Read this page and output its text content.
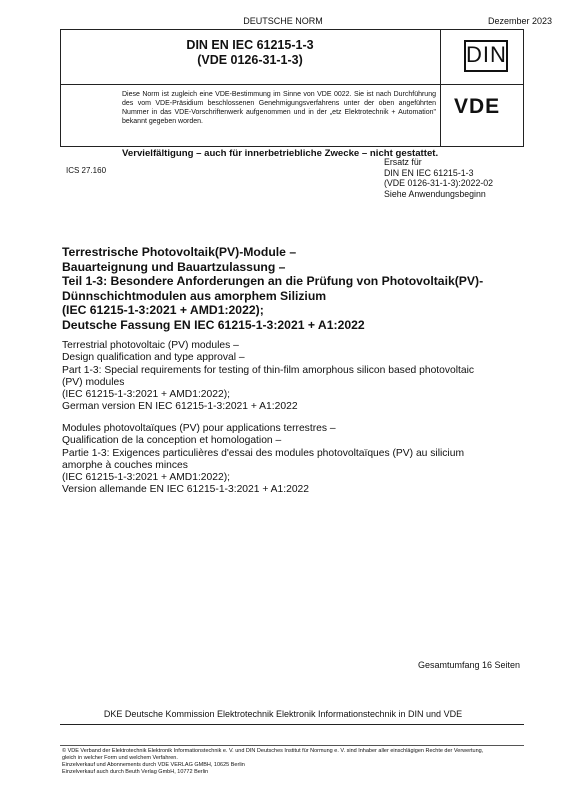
DEUTSCHE NORM	Dezember 2023
DIN EN IEC 61215-1-3
(VDE 0126-31-1-3)	DIN
Diese Norm ist zugleich eine VDE-Bestimmung im Sinne von VDE 0022. Sie ist nach Durchführung des vom VDE-Präsidium beschlossenen Genehmigungsverfahrens unter der oben angeführten Nummer in das VDE-Vorschriftenwerk aufgenommen und in der „etz Elektrotechnik + Automation" bekannt gegeben worden.
VDE
Vervielfältigung – auch für innerbetriebliche Zwecke – nicht gestattet.
ICS 27.160
Ersatz für
DIN EN IEC 61215-1-3
(VDE 0126-31-1-3):2022-02
Siehe Anwendungsbeginn
Terrestrische Photovoltaik(PV)-Module –
Bauarteignung und Bauartzulassung –
Teil 1-3: Besondere Anforderungen an die Prüfung von Photovoltaik(PV)-
Dünnschichtmodulen aus amorphem Silizium
(IEC 61215-1-3:2021 + AMD1:2022);
Deutsche Fassung EN IEC 61215-1-3:2021 + A1:2022
Terrestrial photovoltaic (PV) modules –
Design qualification and type approval –
Part 1-3: Special requirements for testing of thin-film amorphous silicon based photovoltaic
(PV) modules
(IEC 61215-1-3:2021 + AMD1:2022);
German version EN IEC 61215-1-3:2021 + A1:2022
Modules photovoltaïques (PV) pour applications terrestres –
Qualification de la conception et homologation –
Partie 1-3: Exigences particulières d'essai des modules photovoltaïques (PV) au silicium
amorphe à couches minces
(IEC 61215-1-3:2021 + AMD1:2022);
Version allemande EN IEC 61215-1-3:2021 + A1:2022
Gesamtumfang 16 Seiten
DKE Deutsche Kommission Elektrotechnik Elektronik Informationstechnik in DIN und VDE
© VDE Verband der Elektrotechnik Elektronik Informationstechnik e. V. und DIN Deutsches Institut für Normung e. V. sind Inhaber aller einschlägigen Rechte der Verwertung,
gleich in welcher Form und welchem Verfahren.
Einzelverkauf und Abonnements durch VDE VERLAG GMBH, 10625 Berlin
Einzelverkauf auch durch Beuth Verlag GmbH, 10772 Berlin
